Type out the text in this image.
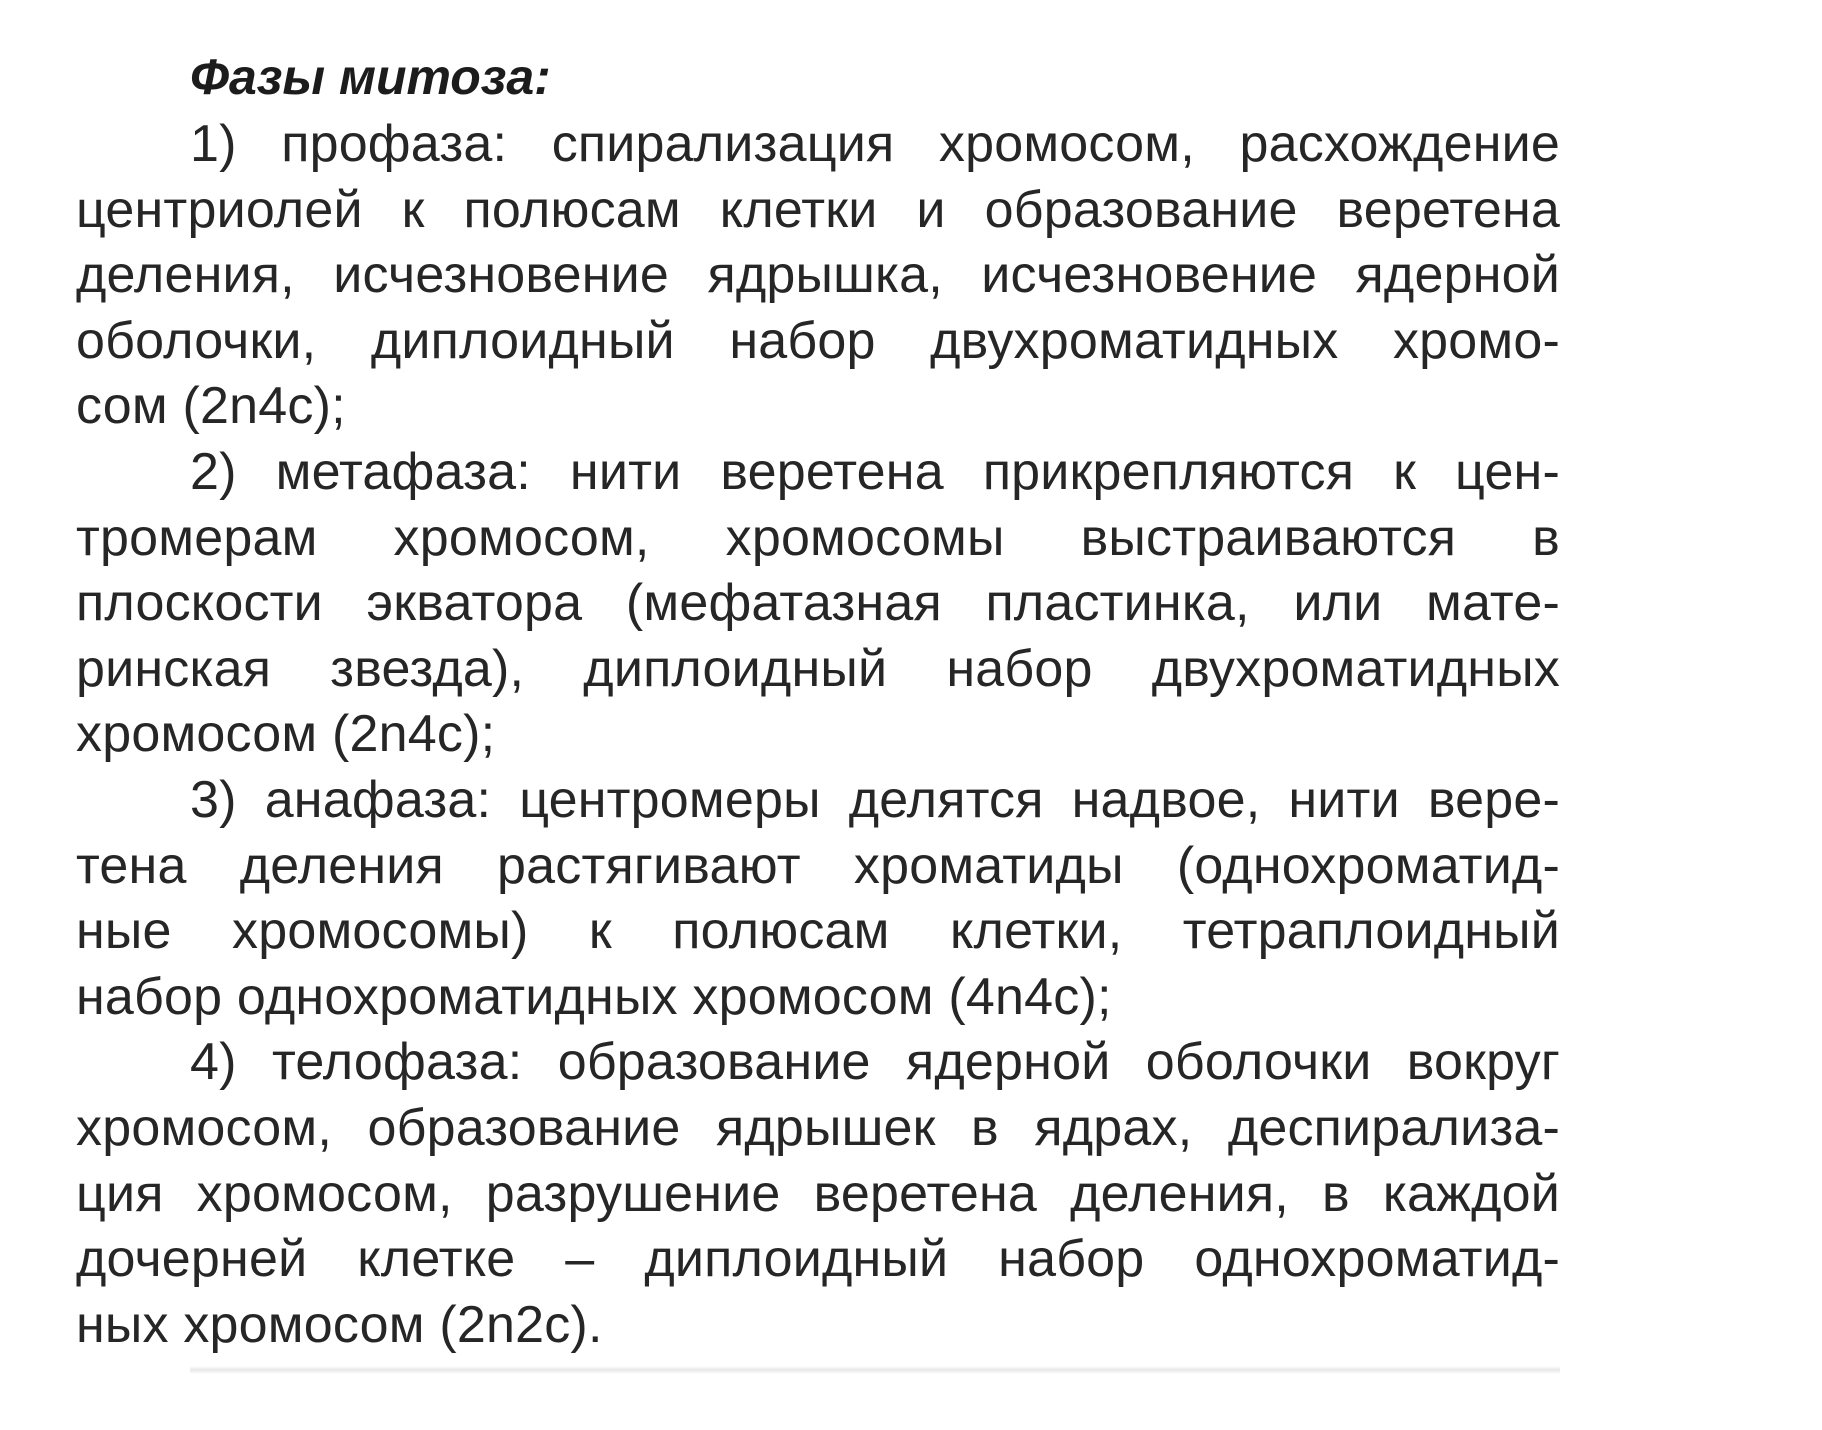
Фазы митоза:
1) профаза: спирализация хромосом, расхождение
центриолей к полюсам клетки и образование веретена
деления, исчезновение ядрышка, исчезновение ядерной
оболочки, диплоидный набор двухроматидных хромо-
сом (2n4c);
2) метафаза: нити веретена прикрепляются к цен-
тромерам хромосом, хромосомы выстраиваются в
плоскости экватора (мефатазная пластинка, или мате-
ринская звезда), диплоидный набор двухроматидных
хромосом (2n4c);
3) анафаза: центромеры делятся надвое, нити вере-
тена деления растягивают хроматиды (однохроматид-
ные хромосомы) к полюсам клетки, тетраплоидный
набор однохроматидных хромосом (4n4c);
4) телофаза: образование ядерной оболочки вокруг
хромосом, образование ядрышек в ядрах, деспирализа-
ция хромосом, разрушение веретена деления, в каждой
дочерней клетке – диплоидный набор однохроматид-
ных хромосом (2n2c).
